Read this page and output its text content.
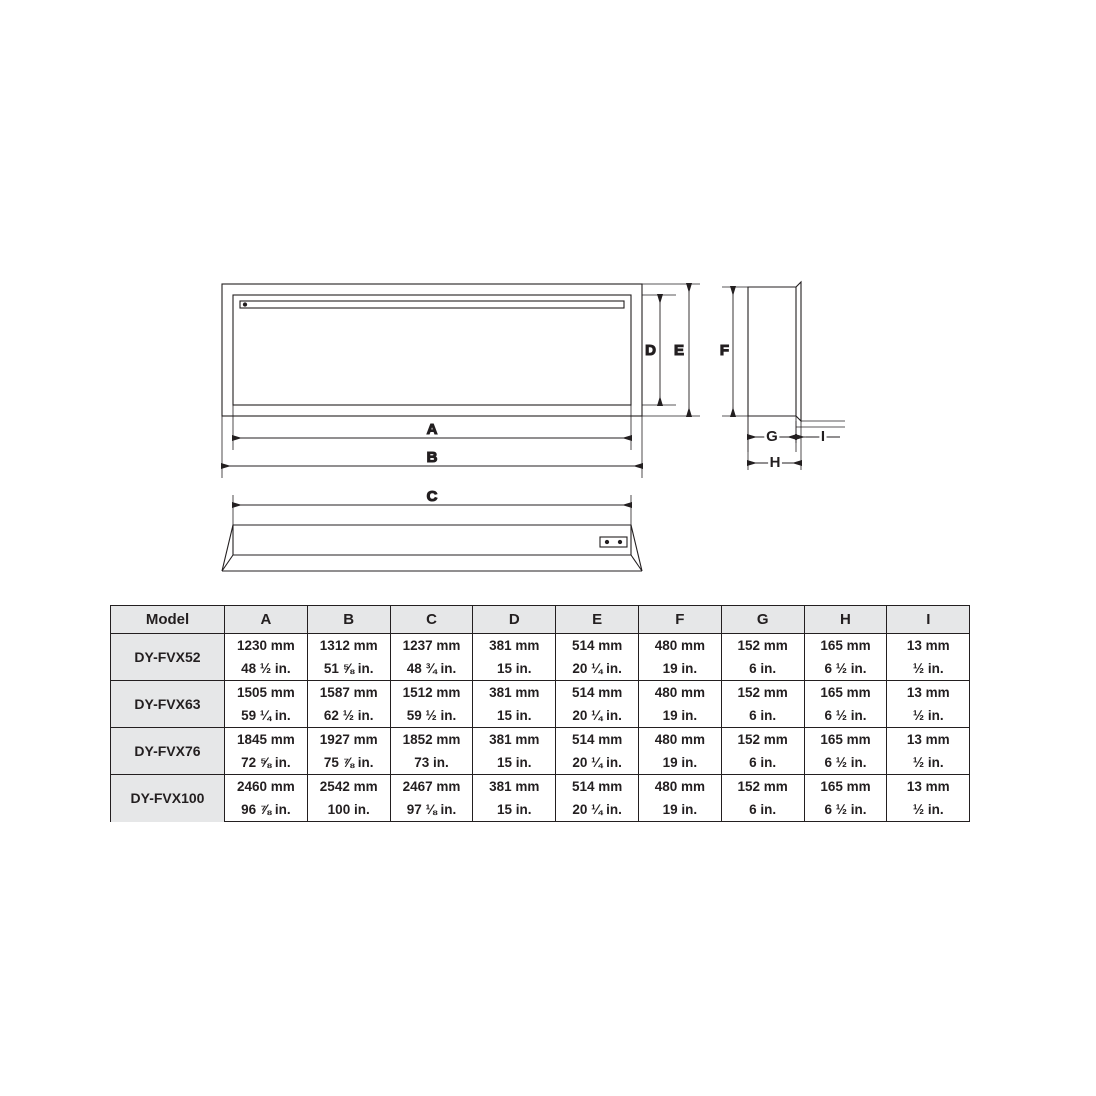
D E
A
B
F
G
H
I
C
Model	A	B	C	D	E	F	G	H	I
DY-FVX52	1230 mm	1312 mm	1237 mm	381 mm	514 mm	480 mm	152 mm	165 mm	13 mm
	48 ½ in.	51 ⅝ in.	48 ¾ in.	15 in.	20 ¼ in.	19 in.	6 in.	6 ½ in.	½ in.
DY-FVX63	1505 mm	1587 mm	1512 mm	381 mm	514 mm	480 mm	152 mm	165 mm	13 mm
	59 ¼ in.	62 ½ in.	59 ½ in.	15 in.	20 ¼ in.	19 in.	6 in.	6 ½ in.	½ in.
DY-FVX76	1845 mm	1927 mm	1852 mm	381 mm	514 mm	480 mm	152 mm	165 mm	13 mm
	72 ⅝ in.	75 ⅞ in.	73 in.	15 in.	20 ¼ in.	19 in.	6 in.	6 ½ in.	½ in.
DY-FVX100	2460 mm	2542 mm	2467 mm	381 mm	514 mm	480 mm	152 mm	165 mm	13 mm
	96 ⅞ in.	100 in.	97 ⅛ in.	15 in.	20 ¼ in.	19 in.	6 in.	6 ½ in.	½ in.
